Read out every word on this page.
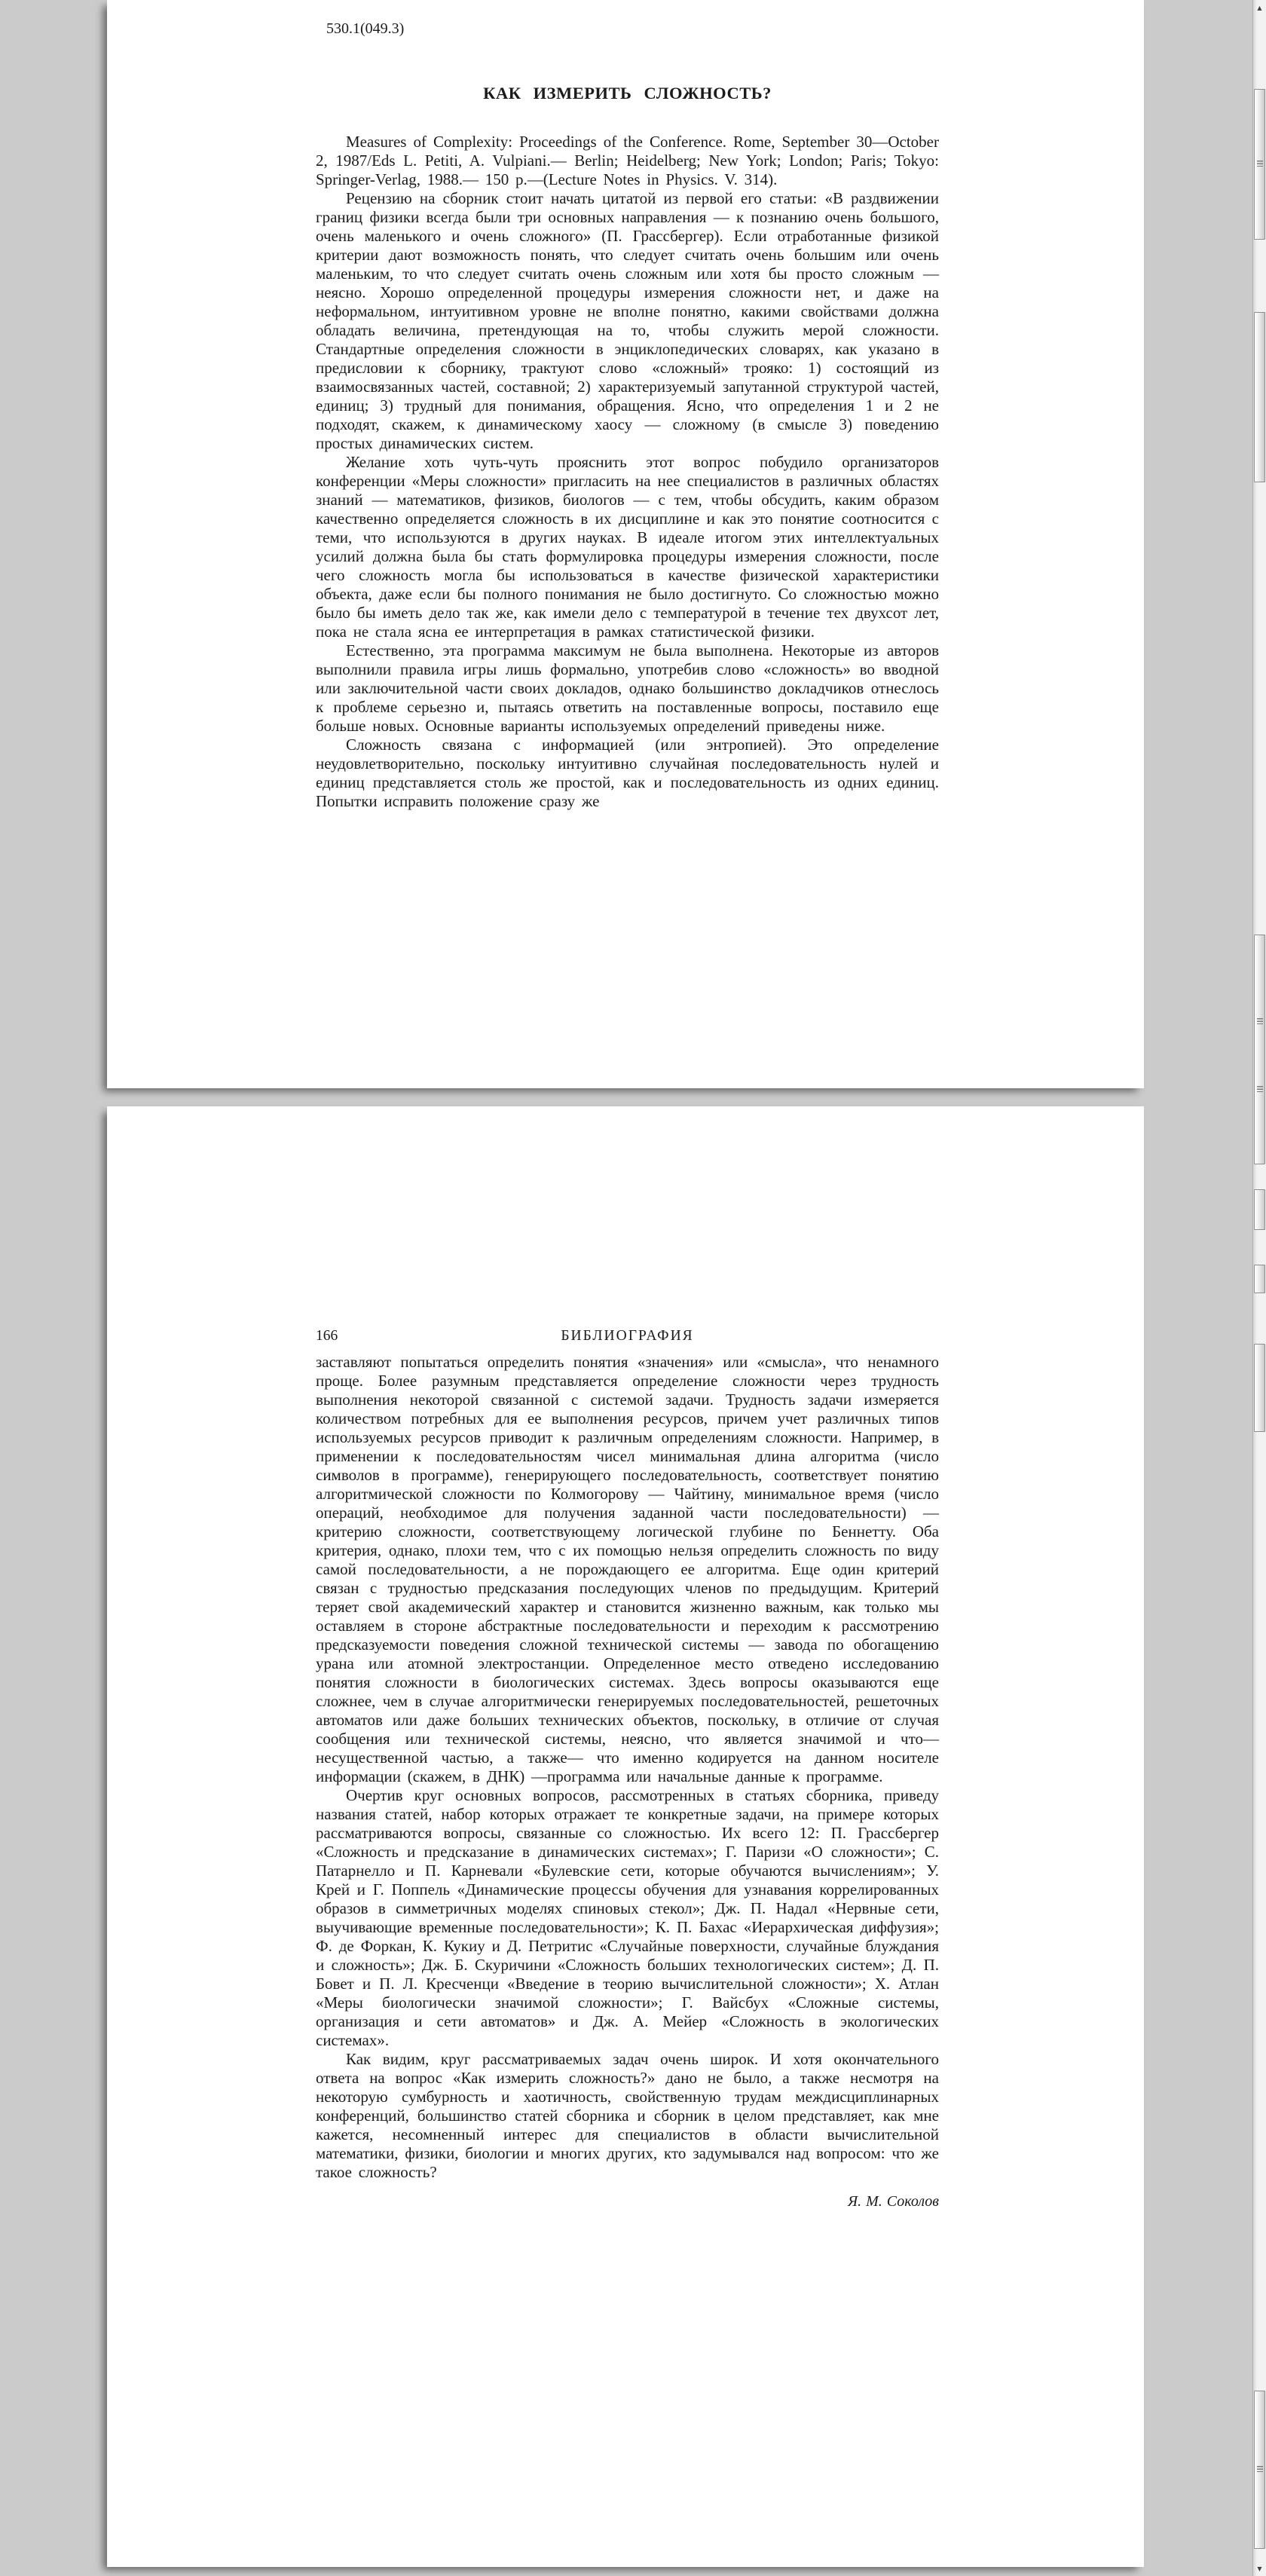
530.1(049.3)
КАК ИЗМЕРИТЬ СЛОЖНОСТЬ?

Measures of Complexity: Proceedings of the Conference. Rome, September 30—October 2, 1987/Eds L. Petiti, A. Vulpiani.— Berlin; Heidelberg; New York; London; Paris; Tokyo: Springer-Verlag, 1988.— 150 p.—(Lecture Notes in Physics. V. 314).

Рецензию на сборник стоит начать цитатой из первой его статьи: «В раздвижении границ физики всегда были три основных направления — к познанию очень большого, очень маленького и очень сложного» (П. Грассбергер). Если отработанные физикой критерии дают возможность понять, что следует считать очень большим или очень маленьким, то что следует считать очень сложным или хотя бы просто сложным — неясно. Хорошо определенной процедуры измерения сложности нет, и даже на неформальном, интуитивном уровне не вполне понятно, какими свойствами должна обладать величина, претендующая на то, чтобы служить мерой сложности. Стандартные определения сложности в энциклопедических словарях, как указано в предисловии к сборнику, трактуют слово «сложный» трояко: 1) состоящий из взаимосвязанных частей, составной; 2) характеризуемый запутанной структурой частей, единиц; 3) трудный для понимания, обращения. Ясно, что определения 1 и 2 не подходят, скажем, к динамическому хаосу — сложному (в смысле 3) поведению простых динамических систем.

Желание хоть чуть-чуть прояснить этот вопрос побудило организаторов конференции «Меры сложности» пригласить на нее специалистов в различных областях знаний — математиков, физиков, биологов — с тем, чтобы обсудить, каким образом качественно определяется сложность в их дисциплине и как это понятие соотносится с теми, что используются в других науках. В идеале итогом этих интеллектуальных усилий должна была бы стать формулировка процедуры измерения сложности, после чего сложность могла бы использоваться в качестве физической характеристики объекта, даже если бы полного понимания не было достигнуто. Со сложностью можно было бы иметь дело так же, как имели дело с температурой в течение тех двухсот лет, пока не стала ясна ее интерпретация в рамках статистической физики.

Естественно, эта программа максимум не была выполнена. Некоторые из авторов выполнили правила игры лишь формально, употребив слово «сложность» во вводной или заключительной части своих докладов, однако большинство докладчиков отнеслось к проблеме серьезно и, пытаясь ответить на поставленные вопросы, поставило еще больше новых. Основные варианты используемых определений приведены ниже.

Сложность связана с информацией (или энтропией). Это определение неудовлетворительно, поскольку интуитивно случайная последовательность нулей и единиц представляется столь же простой, как и последовательность из одних единиц. Попытки исправить положение сразу же

166	БИБЛИОГРАФИЯ

заставляют попытаться определить понятия «значения» или «смысла», что ненамного проще. Более разумным представляется определение сложности через трудность выполнения некоторой связанной с системой задачи. Трудность задачи измеряется количеством потребных для ее выполнения ресурсов, причем учет различных типов используемых ресурсов приводит к различным определениям сложности. Например, в применении к последовательностям чисел минимальная длина алгоритма (число символов в программе), генерирующего последовательность, соответствует понятию алгоритмической сложности по Колмогорову — Чайтину, минимальное время (число операций, необходимое для получения заданной части последовательности) — критерию сложности, соответствующему логической глубине по Беннетту. Оба критерия, однако, плохи тем, что с их помощью нельзя определить сложность по виду самой последовательности, а не порождающего ее алгоритма. Еще один критерий связан с трудностью предсказания последующих членов по предыдущим. Критерий теряет свой академический характер и становится жизненно важным, как только мы оставляем в стороне абстрактные последовательности и переходим к рассмотрению предсказуемости поведения сложной технической системы — завода по обогащению урана или атомной электростанции. Определенное место отведено исследованию понятия сложности в биологических системах. Здесь вопросы оказываются еще сложнее, чем в случае алгоритмически генерируемых последовательностей, решеточных автоматов или даже больших технических объектов, поскольку, в отличие от случая сообщения или технической системы, неясно, что является значимой и что—несущественной частью, а также— что именно кодируется на данном носителе информации (скажем, в ДНК) —программа или начальные данные к программе.

Очертив круг основных вопросов, рассмотренных в статьях сборника, приведу названия статей, набор которых отражает те конкретные задачи, на примере которых рассматриваются вопросы, связанные со сложностью. Их всего 12: П. Грассбергер «Сложность и предсказание в динамических системах»; Г. Паризи «О сложности»; С. Патарнелло и П. Карневали «Булевские сети, которые обучаются вычислениям»; У. Крей и Г. Поппель «Динамические процессы обучения для узнавания коррелированных образов в симметричных моделях спиновых стекол»; Дж. П. Надал «Нервные сети, выучивающие временные последовательности»; К. П. Бахас «Иерархическая диффузия»; Ф. де Форкан, К. Кукиу и Д. Петритис «Случайные поверхности, случайные блуждания и сложность»; Дж. Б. Скуричини «Сложность больших технологических систем»; Д. П. Бовет и П. Л. Кресченци «Введение в теорию вычислительной сложности»; Х. Атлан «Меры биологически значимой сложности»; Г. Вайсбух «Сложные системы, организация и сети автоматов» и Дж. А. Мейер «Сложность в экологических системах».

Как видим, круг рассматриваемых задач очень широк. И хотя окончательного ответа на вопрос «Как измерить сложность?» дано не было, а также несмотря на некоторую сумбурность и хаотичность, свойственную трудам междисциплинарных конференций, большинство статей сборника и сборник в целом представляет, как мне кажется, несомненный интерес для специалистов в области вычислительной математики, физики, биологии и многих других, кто задумывался над вопросом: что же такое сложность?

Я. М. Соколов
▲
▼
